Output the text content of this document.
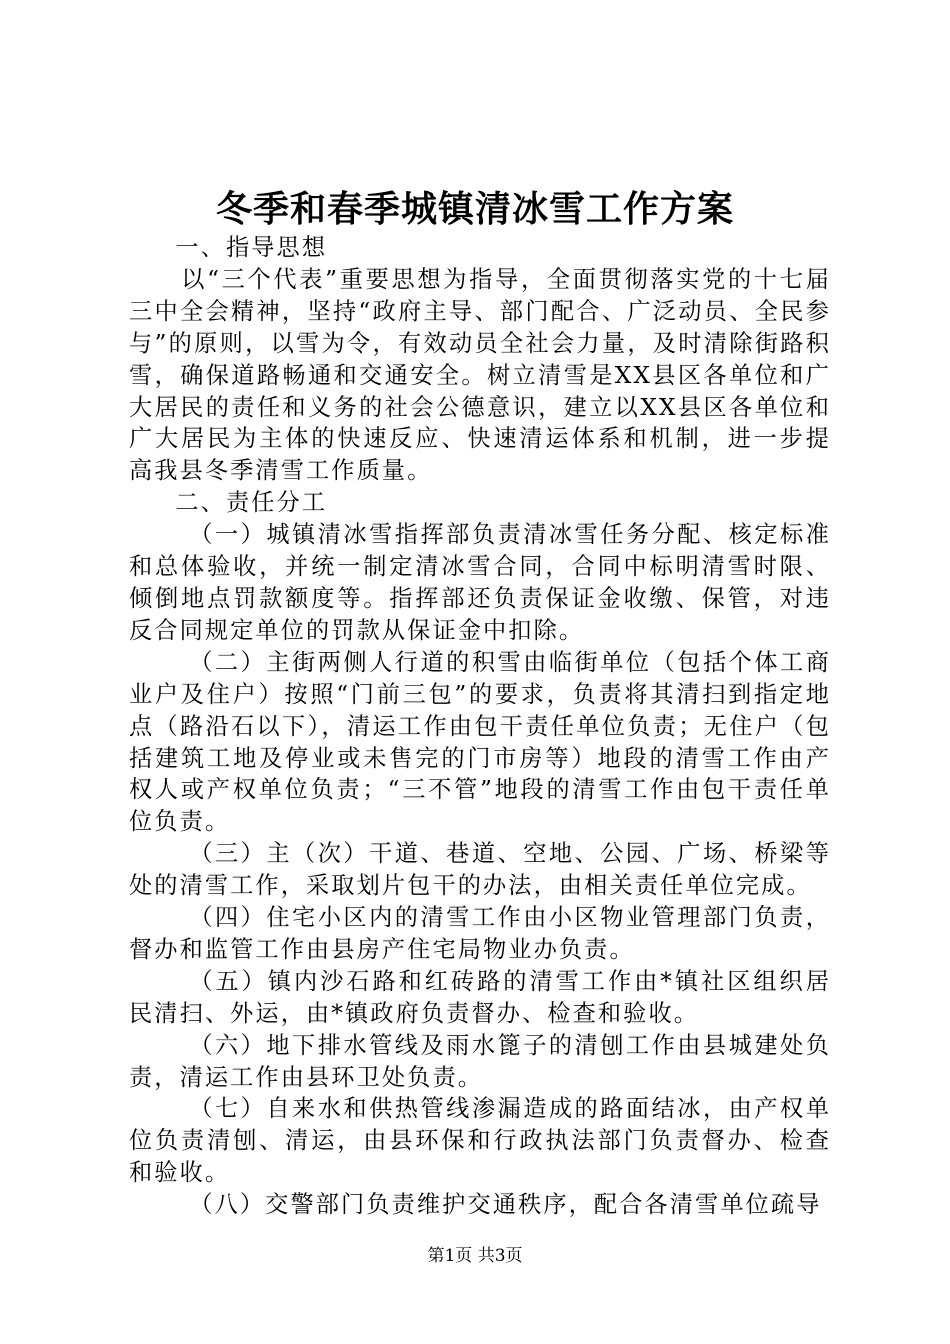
冬季和春季城镇清冰雪工作方案

一、指导思想

以“三个代表”重要思想为指导，全面贯彻落实党的十七届三中全会精神，坚持“政府主导、部门配合、广泛动员、全民参与”的原则，以雪为令，有效动员全社会力量，及时清除街路积雪，确保道路畅通和交通安全。树立清雪是XX县区各单位和广大居民的责任和义务的社会公德意识，建立以XX县区各单位和广大居民为主体的快速反应、快速清运体系和机制，进一步提高我县冬季清雪工作质量。

二、责任分工

（一）城镇清冰雪指挥部负责清冰雪任务分配、核定标准和总体验收，并统一制定清冰雪合同，合同中标明清雪时限、倾倒地点罚款额度等。指挥部还负责保证金收缴、保管，对违反合同规定单位的罚款从保证金中扣除。

（二）主街两侧人行道的积雪由临街单位（包括个体工商业户及住户）按照“门前三包”的要求，负责将其清扫到指定地点（路沿石以下），清运工作由包干责任单位负责；无住户（包括建筑工地及停业或未售完的门市房等）地段的清雪工作由产权人或产权单位负责；“三不管”地段的清雪工作由包干责任单位负责。

（三）主（次）干道、巷道、空地、公园、广场、桥梁等处的清雪工作，采取划片包干的办法，由相关责任单位完成。

（四）住宅小区内的清雪工作由小区物业管理部门负责，督办和监管工作由县房产住宅局物业办负责。

（五）镇内沙石路和红砖路的清雪工作由*镇社区组织居民清扫、外运，由*镇政府负责督办、检查和验收。

（六）地下排水管线及雨水篦子的清刨工作由县城建处负责，清运工作由县环卫处负责。

（七）自来水和供热管线渗漏造成的路面结冰，由产权单位负责清刨、清运，由县环保和行政执法部门负责督办、检查和验收。

（八）交警部门负责维护交通秩序，配合各清雪单位疏导

第1页 共3页
